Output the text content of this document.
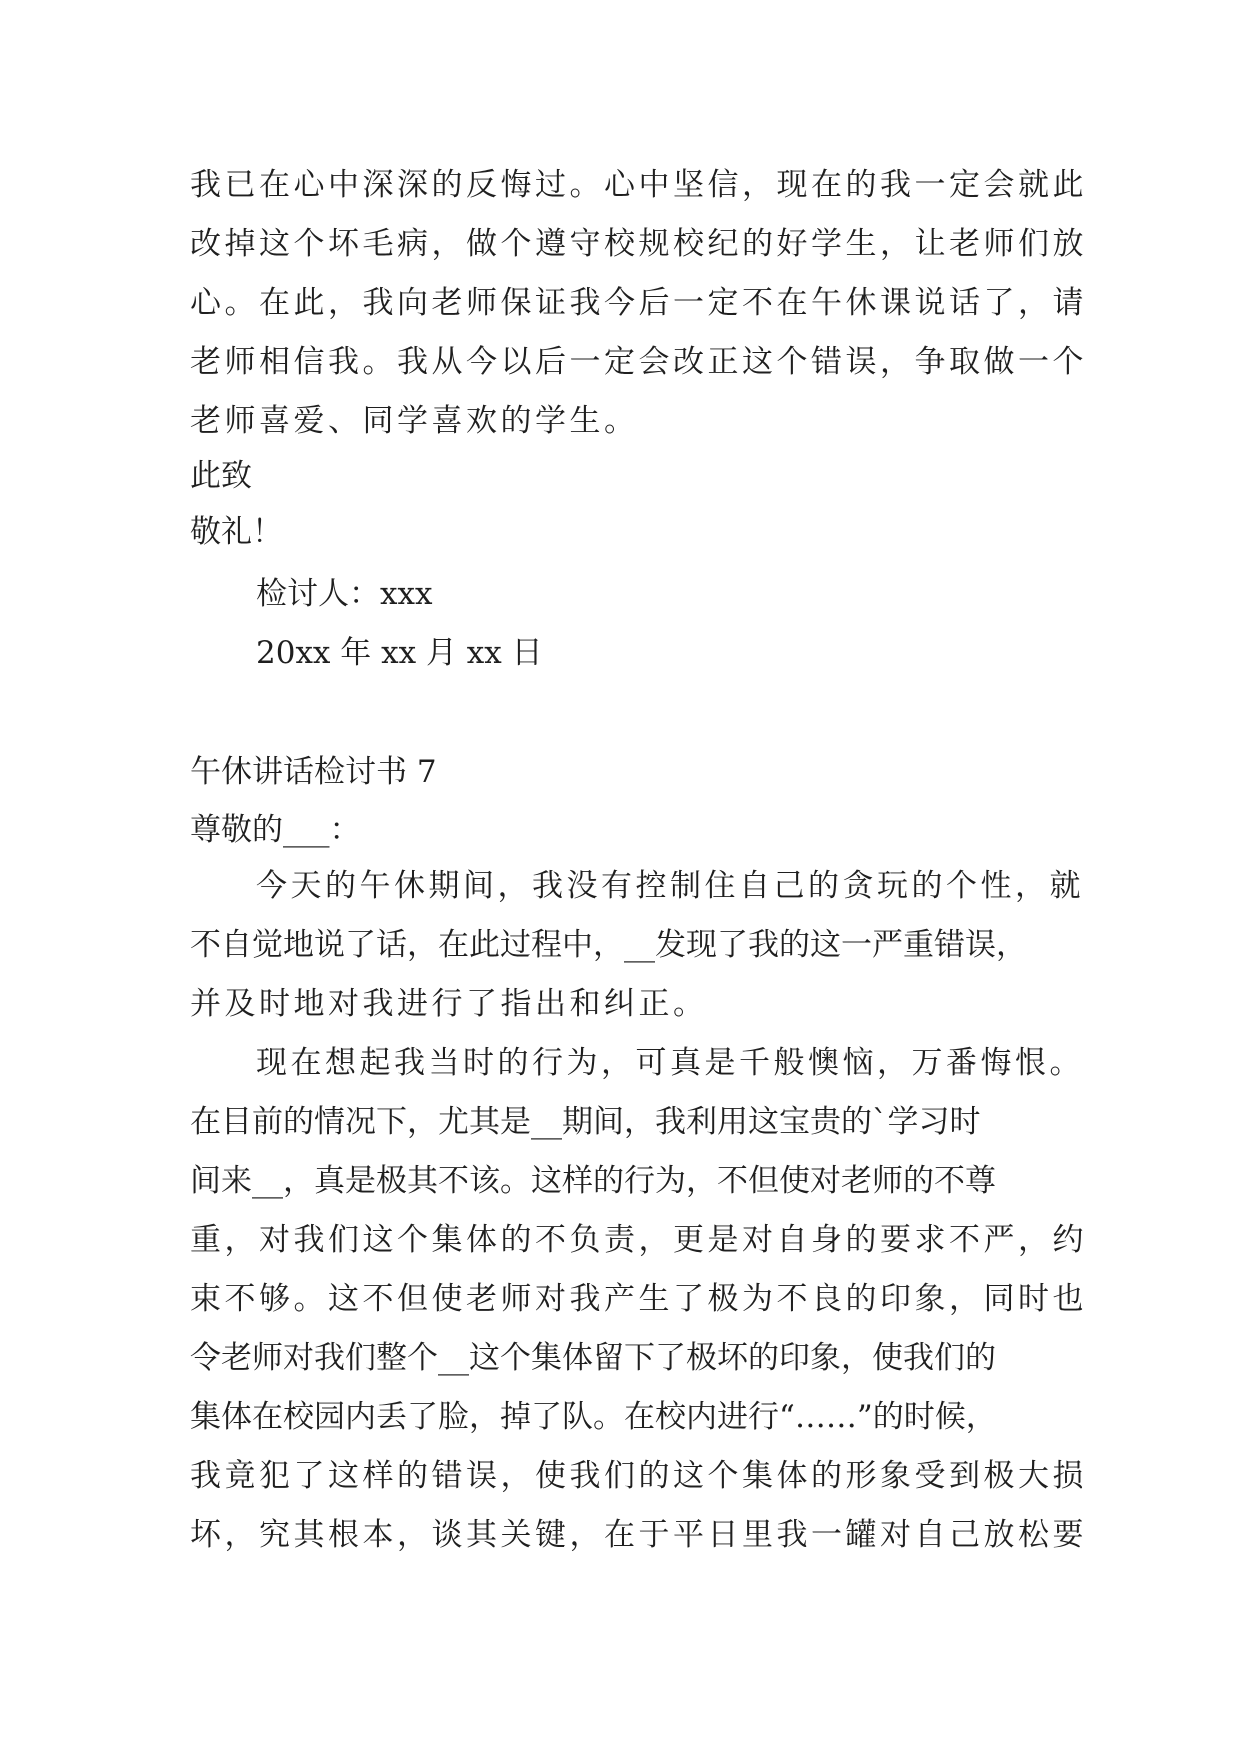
我已在心中深深的反悔过。心中坚信，现在的我一定会就此
改掉这个坏毛病，做个遵守校规校纪的好学生，让老师们放
心。在此，我向老师保证我今后一定不在午休课说话了，请
老师相信我。我从今以后一定会改正这个错误，争取做一个
老师喜爱、同学喜欢的学生。
此致
敬礼！
检讨人：xxx
20xx 年 xx 月 xx 日
午休讲话检讨书 7
尊敬的___：
今天的午休期间，我没有控制住自己的贪玩的个性，就
不自觉地说了话，在此过程中，__发现了我的这一严重错误，
并及时地对我进行了指出和纠正。
现在想起我当时的行为，可真是千般懊恼，万番悔恨。
在目前的情况下，尤其是__期间，我利用这宝贵的`学习时
间来__，真是极其不该。这样的行为，不但使对老师的不尊
重，对我们这个集体的不负责，更是对自身的要求不严，约
束不够。这不但使老师对我产生了极为不良的印象，同时也
令老师对我们整个__这个集体留下了极坏的印象，使我们的
集体在校园内丢了脸，掉了队。在校内进行“……”的时候，
我竟犯了这样的错误，使我们的这个集体的形象受到极大损
坏，究其根本，谈其关键，在于平日里我一罐对自己放松要
